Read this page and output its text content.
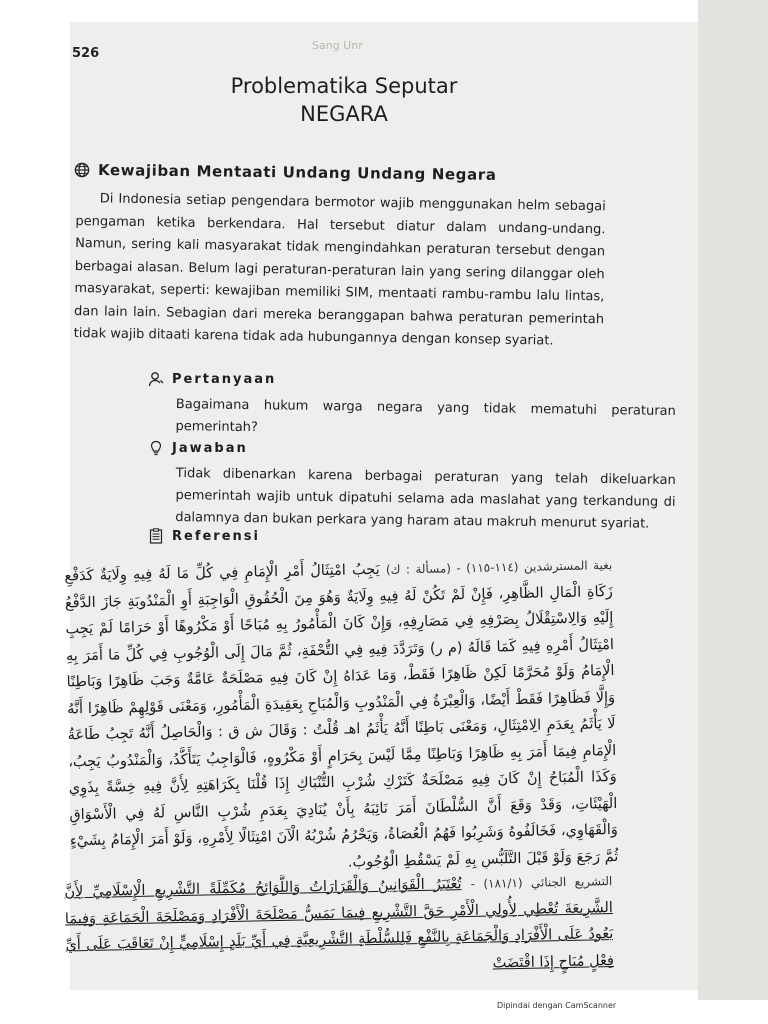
526
Sang Unr
Problematika Seputar
NEGARA
Kewajiban Mentaati Undang Undang Negara
Di Indonesia setiap pengendara bermotor wajib menggunakan helm sebagai pengaman ketika berkendara. Hal tersebut diatur dalam undang-undang. Namun, sering kali masyarakat tidak mengindahkan peraturan tersebut dengan berbagai alasan. Belum lagi peraturan-peraturan lain yang sering dilanggar oleh masyarakat, seperti: kewajiban memiliki SIM, mentaati rambu-rambu lalu lintas, dan lain lain. Sebagian dari mereka beranggapan bahwa peraturan pemerintah tidak wajib ditaati karena tidak ada hubungannya dengan konsep syariat.
Pertanyaan
Bagaimana hukum warga negara yang tidak mematuhi peraturan pemerintah?
Jawaban
Tidak dibenarkan karena berbagai peraturan yang telah dikeluarkan pemerintah wajib untuk dipatuhi selama ada maslahat yang terkandung di dalamnya dan bukan perkara yang haram atau makruh menurut syariat.
Referensi
بغية المسترشدين (١١٤-١١٥) - (مسألة : ك) يَجِبُ امْتِثَالُ أَمْرِ الْإِمَامِ فِي كُلِّ مَا لَهُ فِيهِ وِلَايَةٌ كَدَفْعِ زَكَاةِ الْمَالِ الظَّاهِرِ، فَإِنْ لَمْ تَكُنْ لَهُ فِيهِ وِلَايَةٌ وَهُوَ مِنَ الْحُقُوقِ الْوَاجِبَةِ أَوِ الْمَنْدُوبَةِ جَازَ الدَّفْعُ إِلَيْهِ وَالِاسْتِقْلَالُ بِصَرْفِهِ فِي مَصَارِفِهِ، وَإِنْ كَانَ الْمَأْمُورُ بِهِ مُبَاحًا أَوْ مَكْرُوهًا أَوْ حَرَامًا لَمْ يَجِبِ امْتِثَالُ أَمْرِهِ فِيهِ كَمَا قَالَهُ (م ر) وَتَرَدَّدَ فِيهِ فِي التُّحْفَةِ، ثُمَّ مَالَ إِلَى الْوُجُوبِ فِي كُلِّ مَا أَمَرَ بِهِ الْإِمَامُ وَلَوْ مُحَرَّمًا لَكِنْ ظَاهِرًا فَقَطْ، وَمَا عَدَاهُ إِنْ كَانَ فِيهِ مَصْلَحَةٌ عَامَّةٌ وَجَبَ ظَاهِرًا وَبَاطِنًا وَإِلَّا فَظَاهِرًا فَقَطْ أَيْضًا، وَالْعِبْرَةُ فِي الْمَنْدُوبِ وَالْمُبَاحِ بِعَقِيدَةِ الْمَأْمُورِ، وَمَعْنَى قَوْلِهِمْ ظَاهِرًا أَنَّهُ لَا يَأْثَمُ بِعَدَمِ الِامْتِثَالِ، وَمَعْنَى بَاطِنًا أَنَّهُ يَأْثَمُ اهـ قُلْتُ : وَقَالَ ش ق : وَالْحَاصِلُ أَنَّهُ تَجِبُ طَاعَةُ الْإِمَامِ فِيمَا أَمَرَ بِهِ ظَاهِرًا وَبَاطِنًا مِمَّا لَيْسَ بِحَرَامٍ أَوْ مَكْرُوهٍ، فَالْوَاجِبُ يَتَأَكَّدُ، وَالْمَنْدُوبُ يَجِبُ، وَكَذَا الْمُبَاحُ إِنْ كَانَ فِيهِ مَصْلَحَةٌ كَتَرْكِ شُرْبِ التُّنْبَاكِ إِذَا قُلْنَا بِكَرَاهَتِهِ لِأَنَّ فِيهِ خِسَّةً بِذَوِي الْهَيْئَاتِ، وَقَدْ وَقَعَ أَنَّ السُّلْطَانَ أَمَرَ نَائِبَهُ بِأَنْ يُنَادِيَ بِعَدَمِ شُرْبِ النَّاسِ لَهُ فِي الْأَسْوَاقِ وَالْقَهَاوِي، فَخَالَفُوهُ وَشَرِبُوا فَهُمُ الْعُصَاةُ، وَيَحْرُمُ شُرْبُهُ الْآنَ امْتِثَالًا لِأَمْرِهِ، وَلَوْ أَمَرَ الْإِمَامُ بِشَيْءٍ ثُمَّ رَجَعَ وَلَوْ قَبْلَ التَّلَبُّسِ بِهِ لَمْ يَسْقُطِ الْوُجُوبُ.
التشريع الجنائي (١٨١/١) - تُعْتَبَرُ الْقَوَانِينُ وَالْقَرَارَاتُ وَاللَّوَائِحُ مُكَمِّلَةً التَّشْرِيعِ الْإِسْلَامِيِّ لِأَنَّ الشَّرِيعَةَ تُعْطِي لِأُولِي الْأَمْرِ حَقَّ التَّشْرِيعِ فِيمَا يَمَسُّ مَصْلَحَةَ الْأَفْرَادِ وَمَصْلَحَةَ الْجَمَاعَةِ وَفِيمَا يَعُودُ عَلَى الْأَفْرَادِ وَالْجَمَاعَةِ بِالنَّفْعِ فَلِلسُّلْطَةِ التَّشْرِيعِيَّةِ فِي أَيِّ بَلَدٍ إِسْلَامِيٍّ إِنْ تَعَاقَبَ عَلَى أَيِّ فِعْلٍ مُبَاحٍ إِذَا اقْتَضَتْ
Dipindai dengan CamScanner
